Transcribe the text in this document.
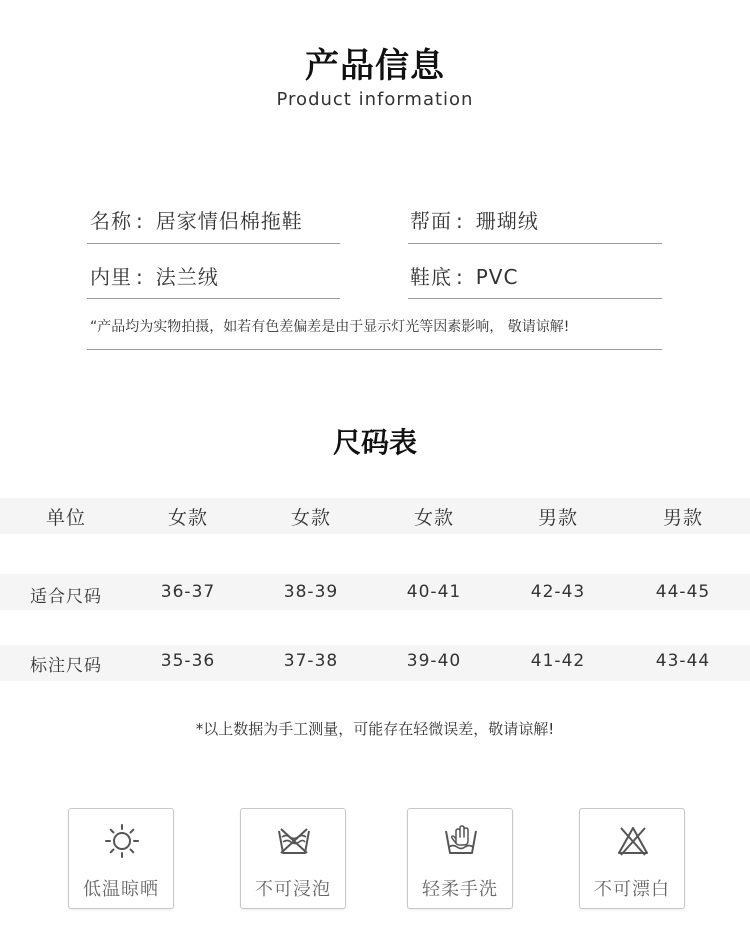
产品信息
Product information
名称 : 居家情侣棉拖鞋	帮面 : 珊瑚绒
内里 : 法兰绒	鞋底 : PVC
“产品均为实物拍摄，如若有色差偏差是由于显示灯光等因素影响， 敬请谅解!
尺码表
单位	女款	女款	女款	男款	男款
适合尺码	36-37	38-39	40-41	42-43	44-45
标注尺码	35-36	37-38	39-40	41-42	43-44
*以上数据为手工测量，可能存在轻微误差，敬请谅解!
低温晾晒	不可浸泡	轻柔手洗	不可漂白
